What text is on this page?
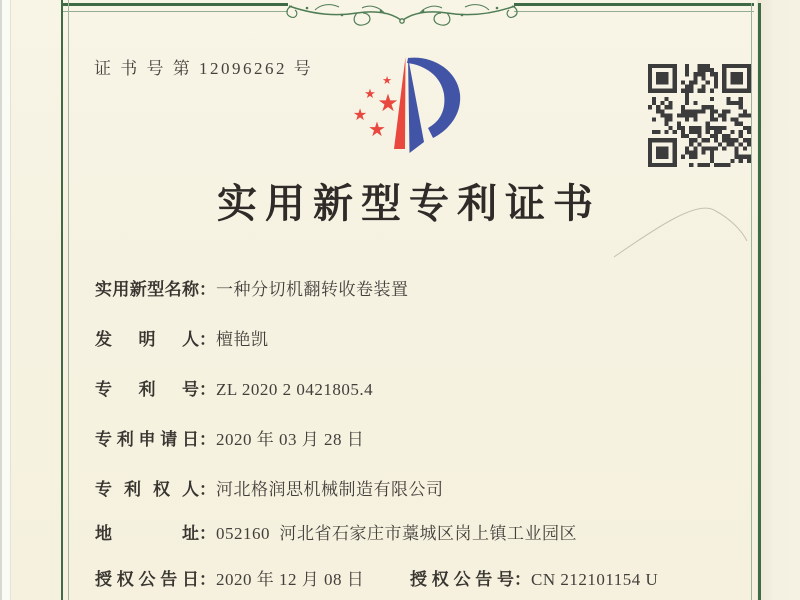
证 书 号 第 12096262 号
★
★ ★
★
★
实用新型专利证书
实用新型名称：一种分切机翻转收卷装置
发明人：檀艳凯
专利号：ZL 2020 2 0421805.4
专利申请日：2020 年 03 月 28 日
专利权人：河北格润思机械制造有限公司
地址：052160  河北省石家庄市藁城区岗上镇工业园区
授权公告日：2020 年 12 月 08 日	授权公告号：CN 212101154 U
